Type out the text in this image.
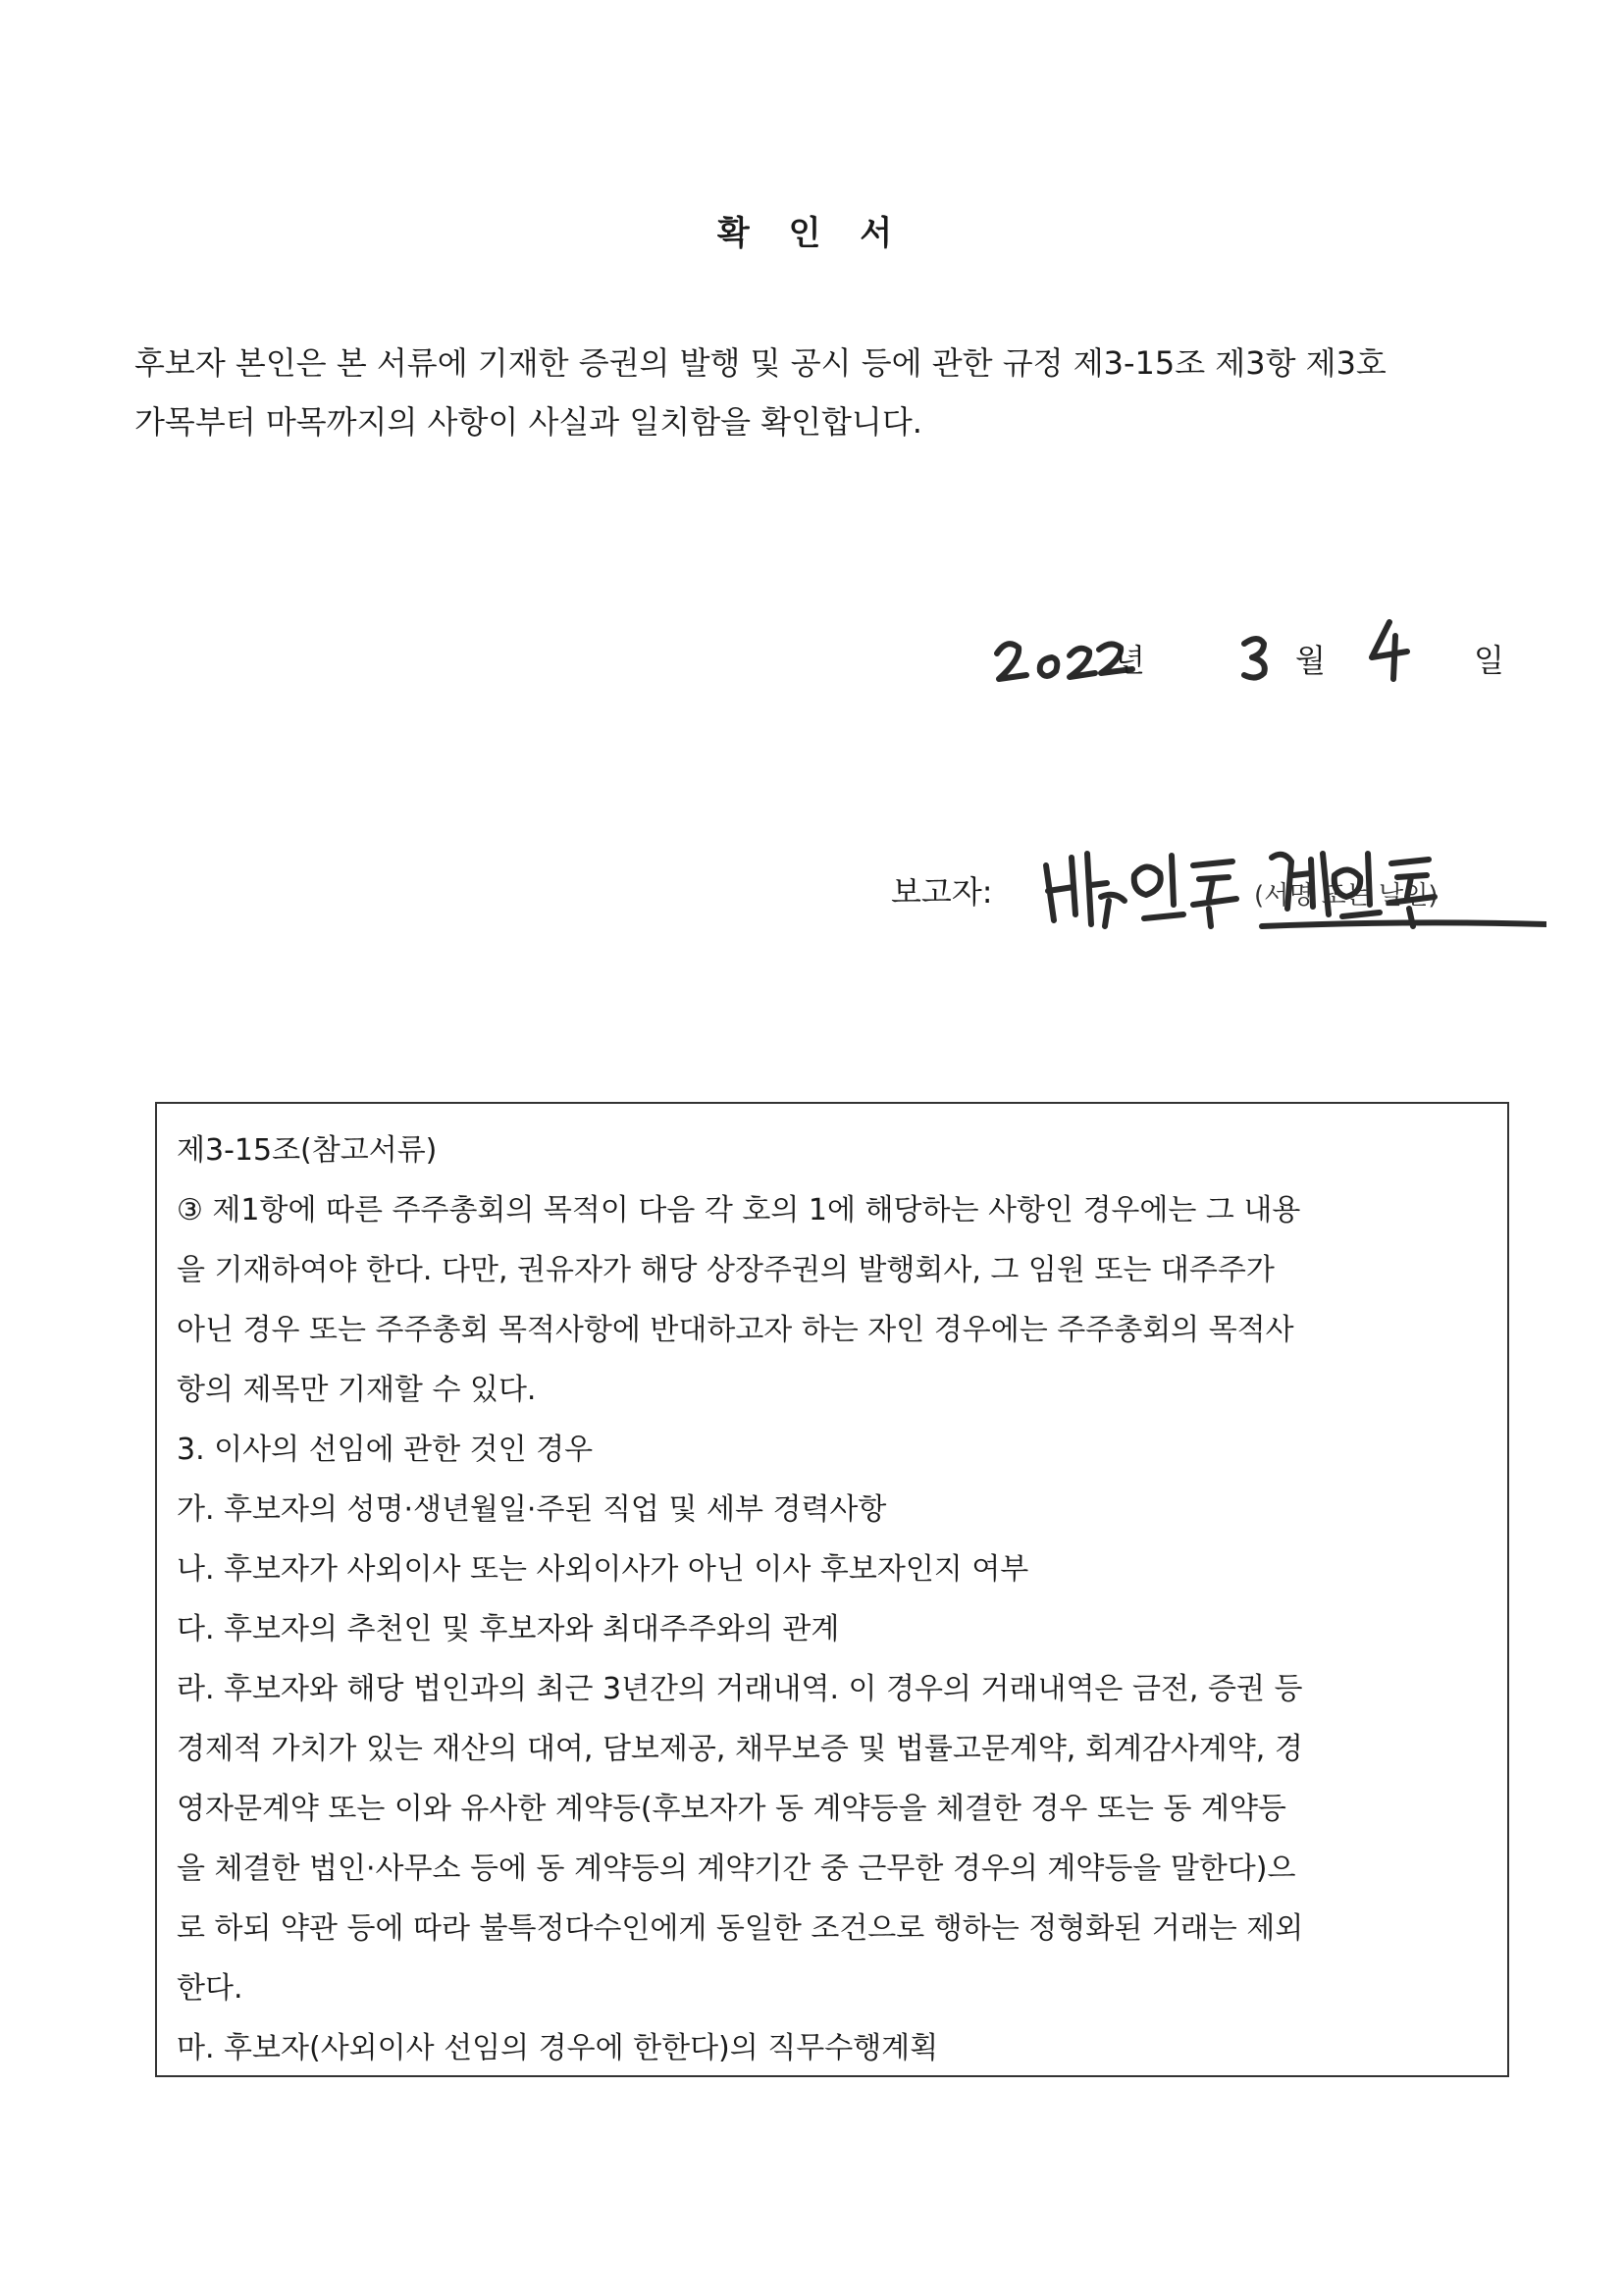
확 인 서

후보자 본인은 본 서류에 기재한 증권의 발행 및 공시 등에 관한 규정 제3-15조 제3항 제3호

가목부터 마목까지의 사항이 사실과 일치함을 확인합니다.

년	월	일
보고자:	(서명 또는 날인)
제3-15조(참고서류)
③ 제1항에 따른 주주총회의 목적이 다음 각 호의 1에 해당하는 사항인 경우에는 그 내용
을 기재하여야 한다. 다만, 권유자가 해당 상장주권의 발행회사, 그 임원 또는 대주주가
아닌 경우 또는 주주총회 목적사항에 반대하고자 하는 자인 경우에는 주주총회의 목적사
항의 제목만 기재할 수 있다.
3. 이사의 선임에 관한 것인 경우
가. 후보자의 성명·생년월일·주된 직업 및 세부 경력사항
나. 후보자가 사외이사 또는 사외이사가 아닌 이사 후보자인지 여부
다. 후보자의 추천인 및 후보자와 최대주주와의 관계
라. 후보자와 해당 법인과의 최근 3년간의 거래내역. 이 경우의 거래내역은 금전, 증권 등
경제적 가치가 있는 재산의 대여, 담보제공, 채무보증 및 법률고문계약, 회계감사계약, 경
영자문계약 또는 이와 유사한 계약등(후보자가 동 계약등을 체결한 경우 또는 동 계약등
을 체결한 법인·사무소 등에 동 계약등의 계약기간 중 근무한 경우의 계약등을 말한다)으
로 하되 약관 등에 따라 불특정다수인에게 동일한 조건으로 행하는 정형화된 거래는 제외
한다.
마. 후보자(사외이사 선임의 경우에 한한다)의 직무수행계획
